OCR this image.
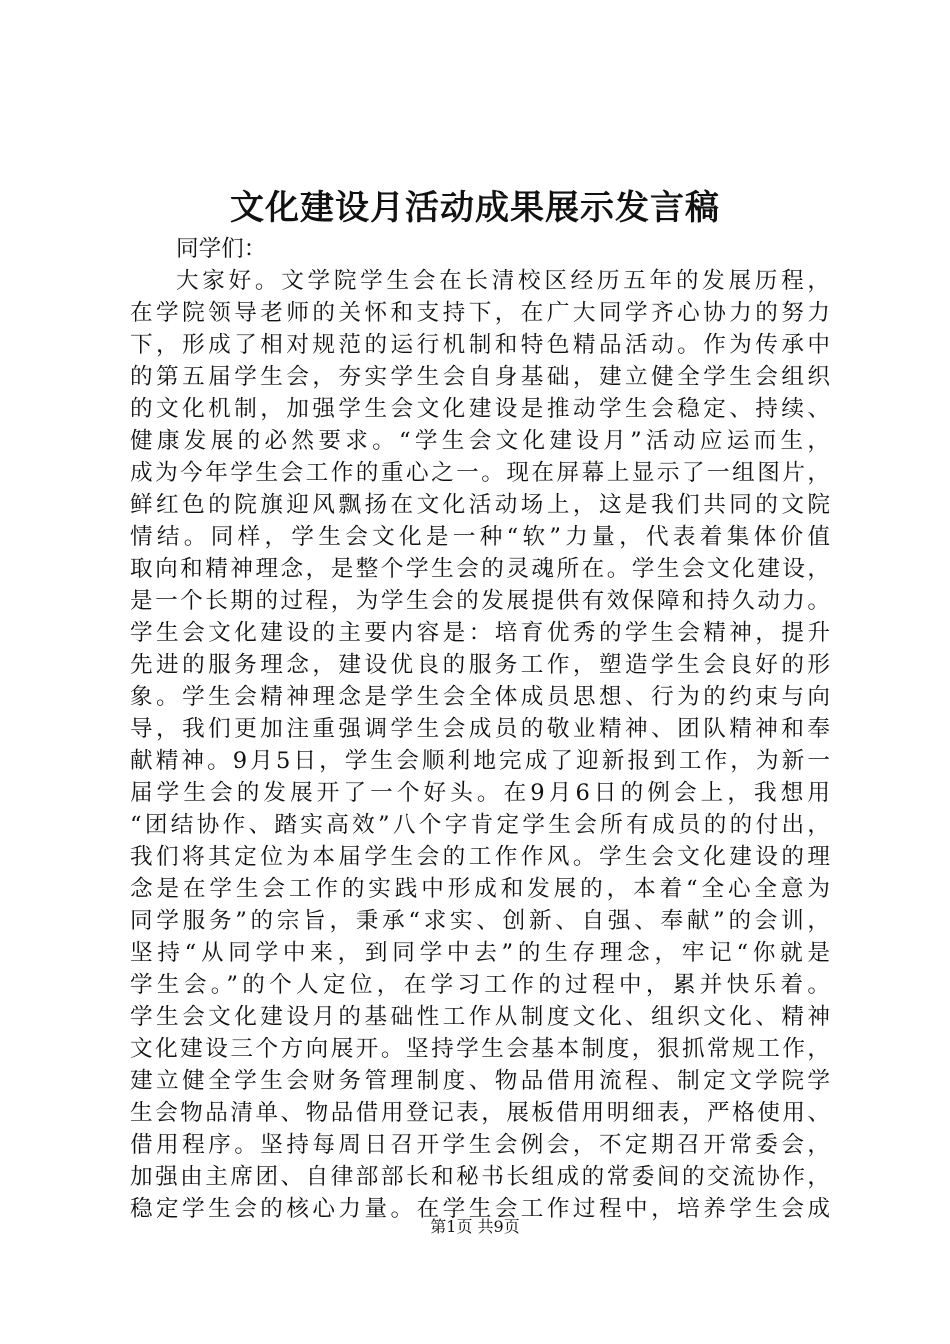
文化建设月活动成果展示发言稿
同学们：
大家好。文学院学生会在长清校区经历五年的发展历程，
在学院领导老师的关怀和支持下，在广大同学齐心协力的努力
下，形成了相对规范的运行机制和特色精品活动。作为传承中
的第五届学生会，夯实学生会自身基础，建立健全学生会组织
的文化机制，加强学生会文化建设是推动学生会稳定、持续、
健康发展的必然要求。“学生会文化建设月”活动应运而生，
成为今年学生会工作的重心之一。现在屏幕上显示了一组图片，
鲜红色的院旗迎风飘扬在文化活动场上，这是我们共同的文院
情结。同样，学生会文化是一种“软”力量，代表着集体价值
取向和精神理念，是整个学生会的灵魂所在。学生会文化建设，
是一个长期的过程，为学生会的发展提供有效保障和持久动力。
学生会文化建设的主要内容是：培育优秀的学生会精神，提升
先进的服务理念，建设优良的服务工作，塑造学生会良好的形
象。学生会精神理念是学生会全体成员思想、行为的约束与向
导，我们更加注重强调学生会成员的敬业精神、团队精神和奉
献精神。9月5日，学生会顺利地完成了迎新报到工作，为新一
届学生会的发展开了一个好头。在9月6日的例会上，我想用
“团结协作、踏实高效”八个字肯定学生会所有成员的的付出，
我们将其定位为本届学生会的工作作风。学生会文化建设的理
念是在学生会工作的实践中形成和发展的，本着“全心全意为
同学服务”的宗旨，秉承“求实、创新、自强、奉献”的会训，
坚持“从同学中来，到同学中去”的生存理念，牢记“你就是
学生会。”的个人定位，在学习工作的过程中，累并快乐着。
学生会文化建设月的基础性工作从制度文化、组织文化、精神
文化建设三个方向展开。坚持学生会基本制度，狠抓常规工作，
建立健全学生会财务管理制度、物品借用流程、制定文学院学
生会物品清单、物品借用登记表，展板借用明细表，严格使用、
借用程序。坚持每周日召开学生会例会，不定期召开常委会，
加强由主席团、自律部部长和秘书长组成的常委间的交流协作，
稳定学生会的核心力量。在学生会工作过程中，培养学生会成
第1页 共9页
